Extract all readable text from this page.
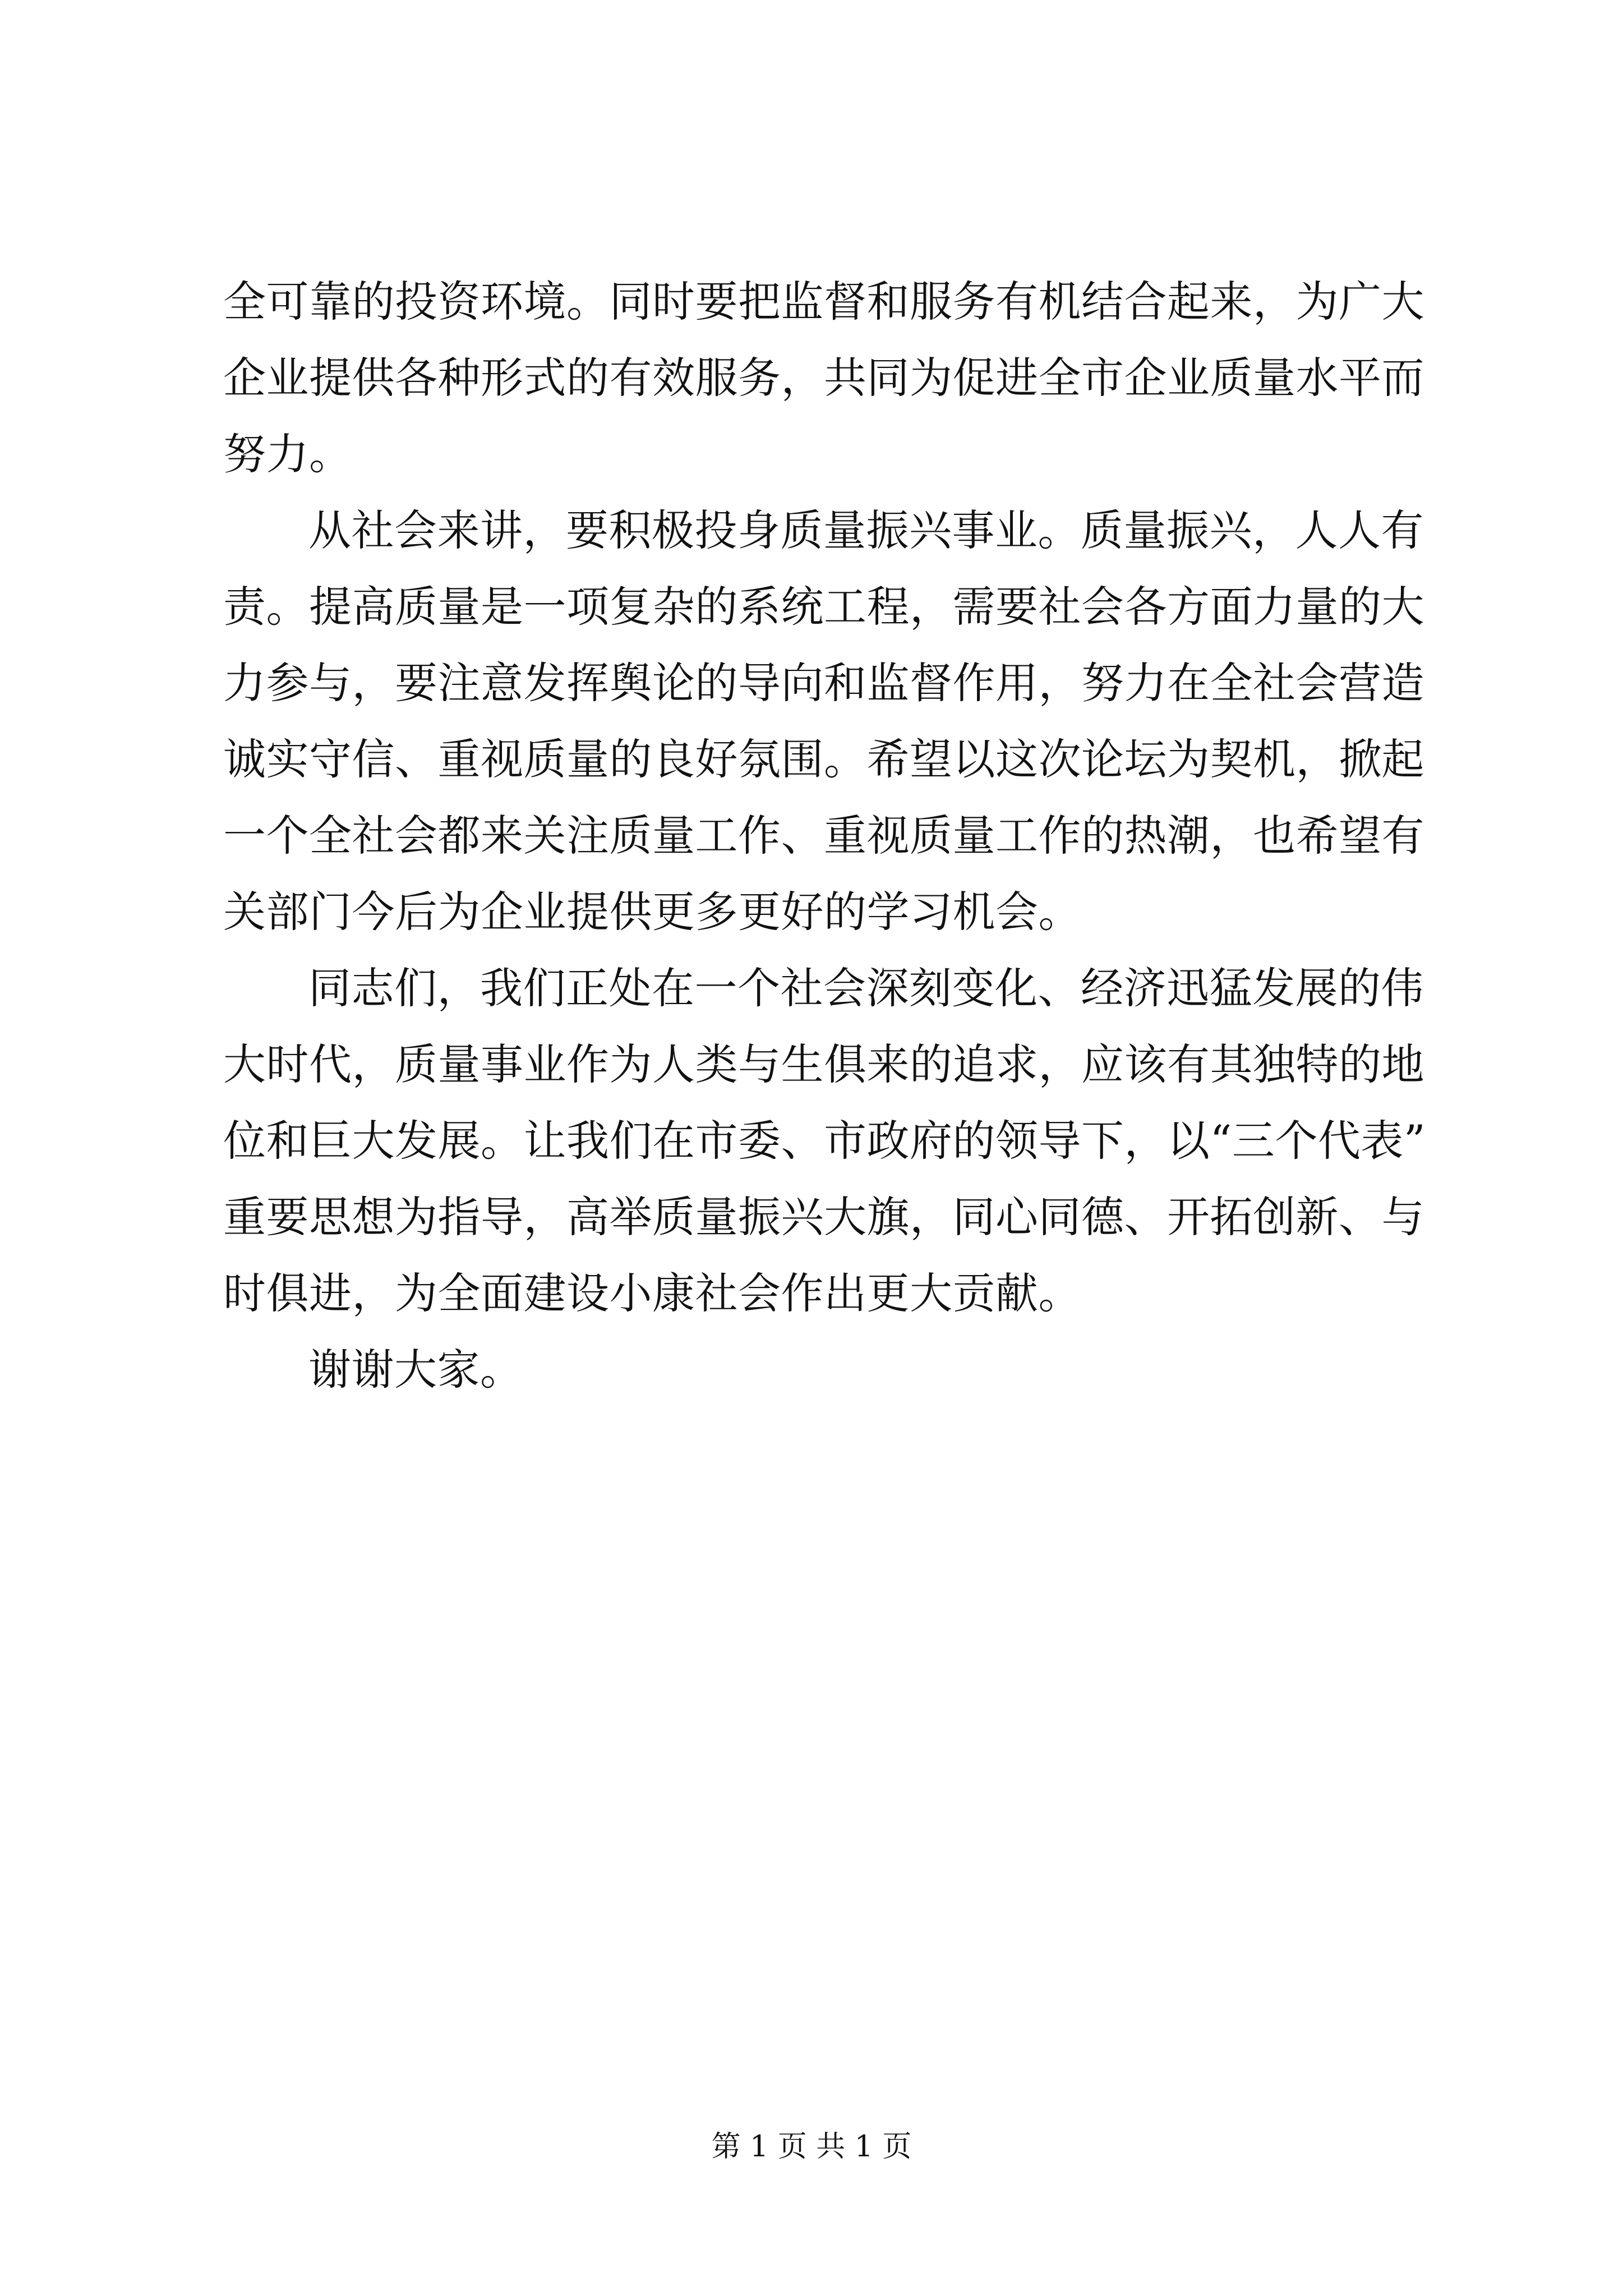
全可靠的投资环境。同时要把监督和服务有机结合起来，为广大
企业提供各种形式的有效服务，共同为促进全市企业质量水平而
努力。
从社会来讲，要积极投身质量振兴事业。质量振兴，人人有
责。提高质量是一项复杂的系统工程，需要社会各方面力量的大
力参与，要注意发挥舆论的导向和监督作用，努力在全社会营造
诚实守信、重视质量的良好氛围。希望以这次论坛为契机，掀起
一个全社会都来关注质量工作、重视质量工作的热潮，也希望有
关部门今后为企业提供更多更好的学习机会。
同志们，我们正处在一个社会深刻变化、经济迅猛发展的伟
大时代，质量事业作为人类与生俱来的追求，应该有其独特的地
位和巨大发展。让我们在市委、市政府的领导下，以“三个代表”
重要思想为指导，高举质量振兴大旗，同心同德、开拓创新、与
时俱进，为全面建设小康社会作出更大贡献。
谢谢大家。
第 1 页 共 1 页
